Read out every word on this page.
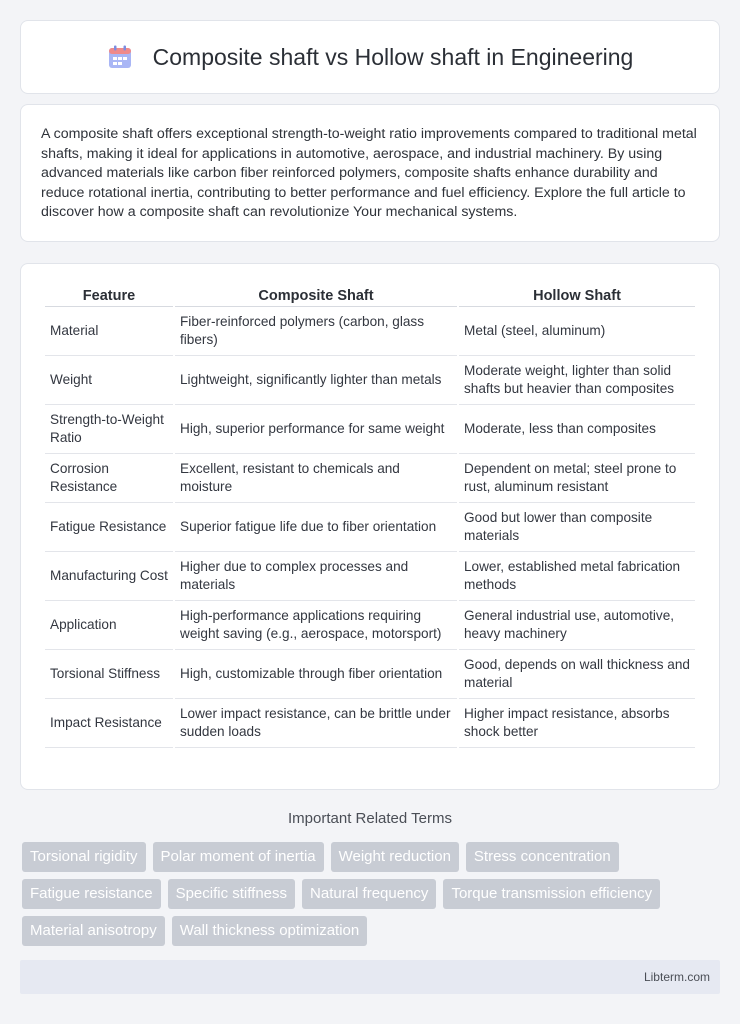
Composite shaft vs Hollow shaft in Engineering

A composite shaft offers exceptional strength-to-weight ratio improvements compared to traditional metal shafts, making it ideal for applications in automotive, aerospace, and industrial machinery. By using advanced materials like carbon fiber reinforced polymers, composite shafts enhance durability and reduce rotational inertia, contributing to better performance and fuel efficiency. Explore the full article to discover how a composite shaft can revolutionize Your mechanical systems.

Feature	Composite Shaft	Hollow Shaft
Material	Fiber-reinforced polymers (carbon, glass fibers)	Metal (steel, aluminum)
Weight	Lightweight, significantly lighter than metals	Moderate weight, lighter than solid shafts but heavier than composites
Strength-to-Weight Ratio	High, superior performance for same weight	Moderate, less than composites
Corrosion Resistance	Excellent, resistant to chemicals and moisture	Dependent on metal; steel prone to rust, aluminum resistant
Fatigue Resistance	Superior fatigue life due to fiber orientation	Good but lower than composite materials
Manufacturing Cost	Higher due to complex processes and materials	Lower, established metal fabrication methods
Application	High-performance applications requiring weight saving (e.g., aerospace, motorsport)	General industrial use, automotive, heavy machinery
Torsional Stiffness	High, customizable through fiber orientation	Good, depends on wall thickness and material
Impact Resistance	Lower impact resistance, can be brittle under sudden loads	Higher impact resistance, absorbs shock better
Important Related Terms
Torsional rigidity	Polar moment of inertia	Weight reduction	Stress concentration
Fatigue resistance	Specific stiffness	Natural frequency	Torque transmission efficiency
Material anisotropy	Wall thickness optimization
Libterm.com
